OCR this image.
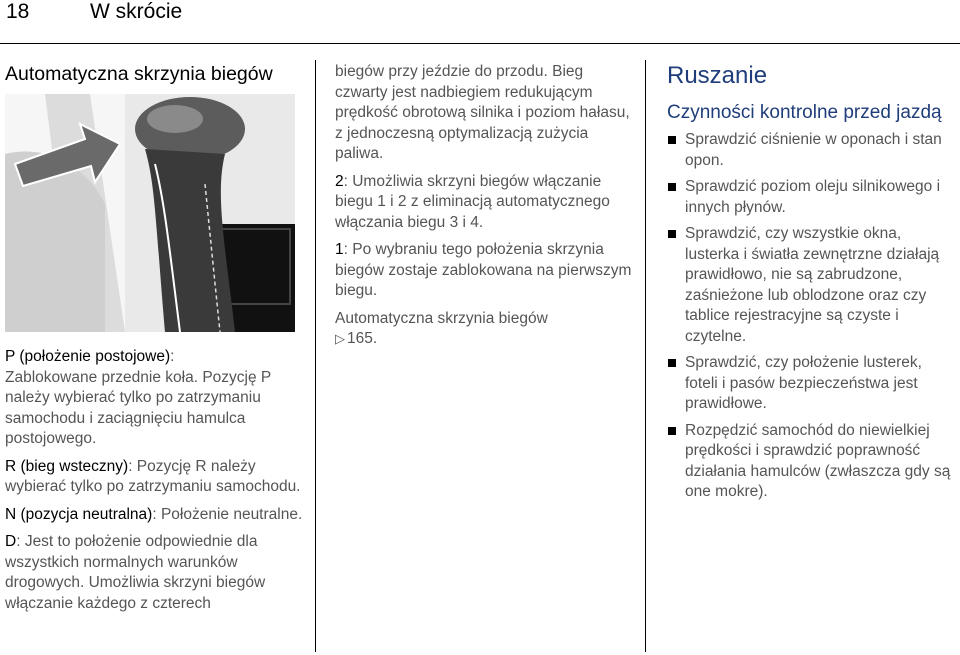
18	W skrócie
Automatyczna skrzynia biegów

P (położenie postojowe):
Zablokowane przednie koła. Pozycję P należy wybierać tylko po zatrzymaniu samochodu i zaciągnięciu hamulca postojowego.

R (bieg wsteczny): Pozycję R należy wybierać tylko po zatrzymaniu samochodu.

N (pozycja neutralna): Położenie neutralne.

D: Jest to położenie odpowiednie dla wszystkich normalnych warunków drogowych. Umożliwia skrzyni biegów włączanie każdego z czterech

biegów przy jeździe do przodu. Bieg czwarty jest nadbiegiem redukującym prędkość obrotową silnika i poziom hałasu, z jednoczesną optymalizacją zużycia paliwa.

2: Umożliwia skrzyni biegów włączanie biegu 1 i 2 z eliminacją automatycznego włączania biegu 3 i 4.

1: Po wybraniu tego położenia skrzynia biegów zostaje zablokowana na pierwszym biegu.

Automatyczna skrzynia biegów
▷ 165.

Ruszanie
Czynności kontrolne przed jazdą
Sprawdzić ciśnienie w oponach i stan opon.
Sprawdzić poziom oleju silnikowego i innych płynów.
Sprawdzić, czy wszystkie okna, lusterka i światła zewnętrzne działają prawidłowo, nie są zabrudzone, zaśnieżone lub oblodzone oraz czy tablice rejestracyjne są czyste i czytelne.
Sprawdzić, czy położenie lusterek, foteli i pasów bezpieczeństwa jest prawidłowe.
Rozpędzić samochód do niewielkiej prędkości i sprawdzić poprawność działania hamulców (zwłaszcza gdy są one mokre).
